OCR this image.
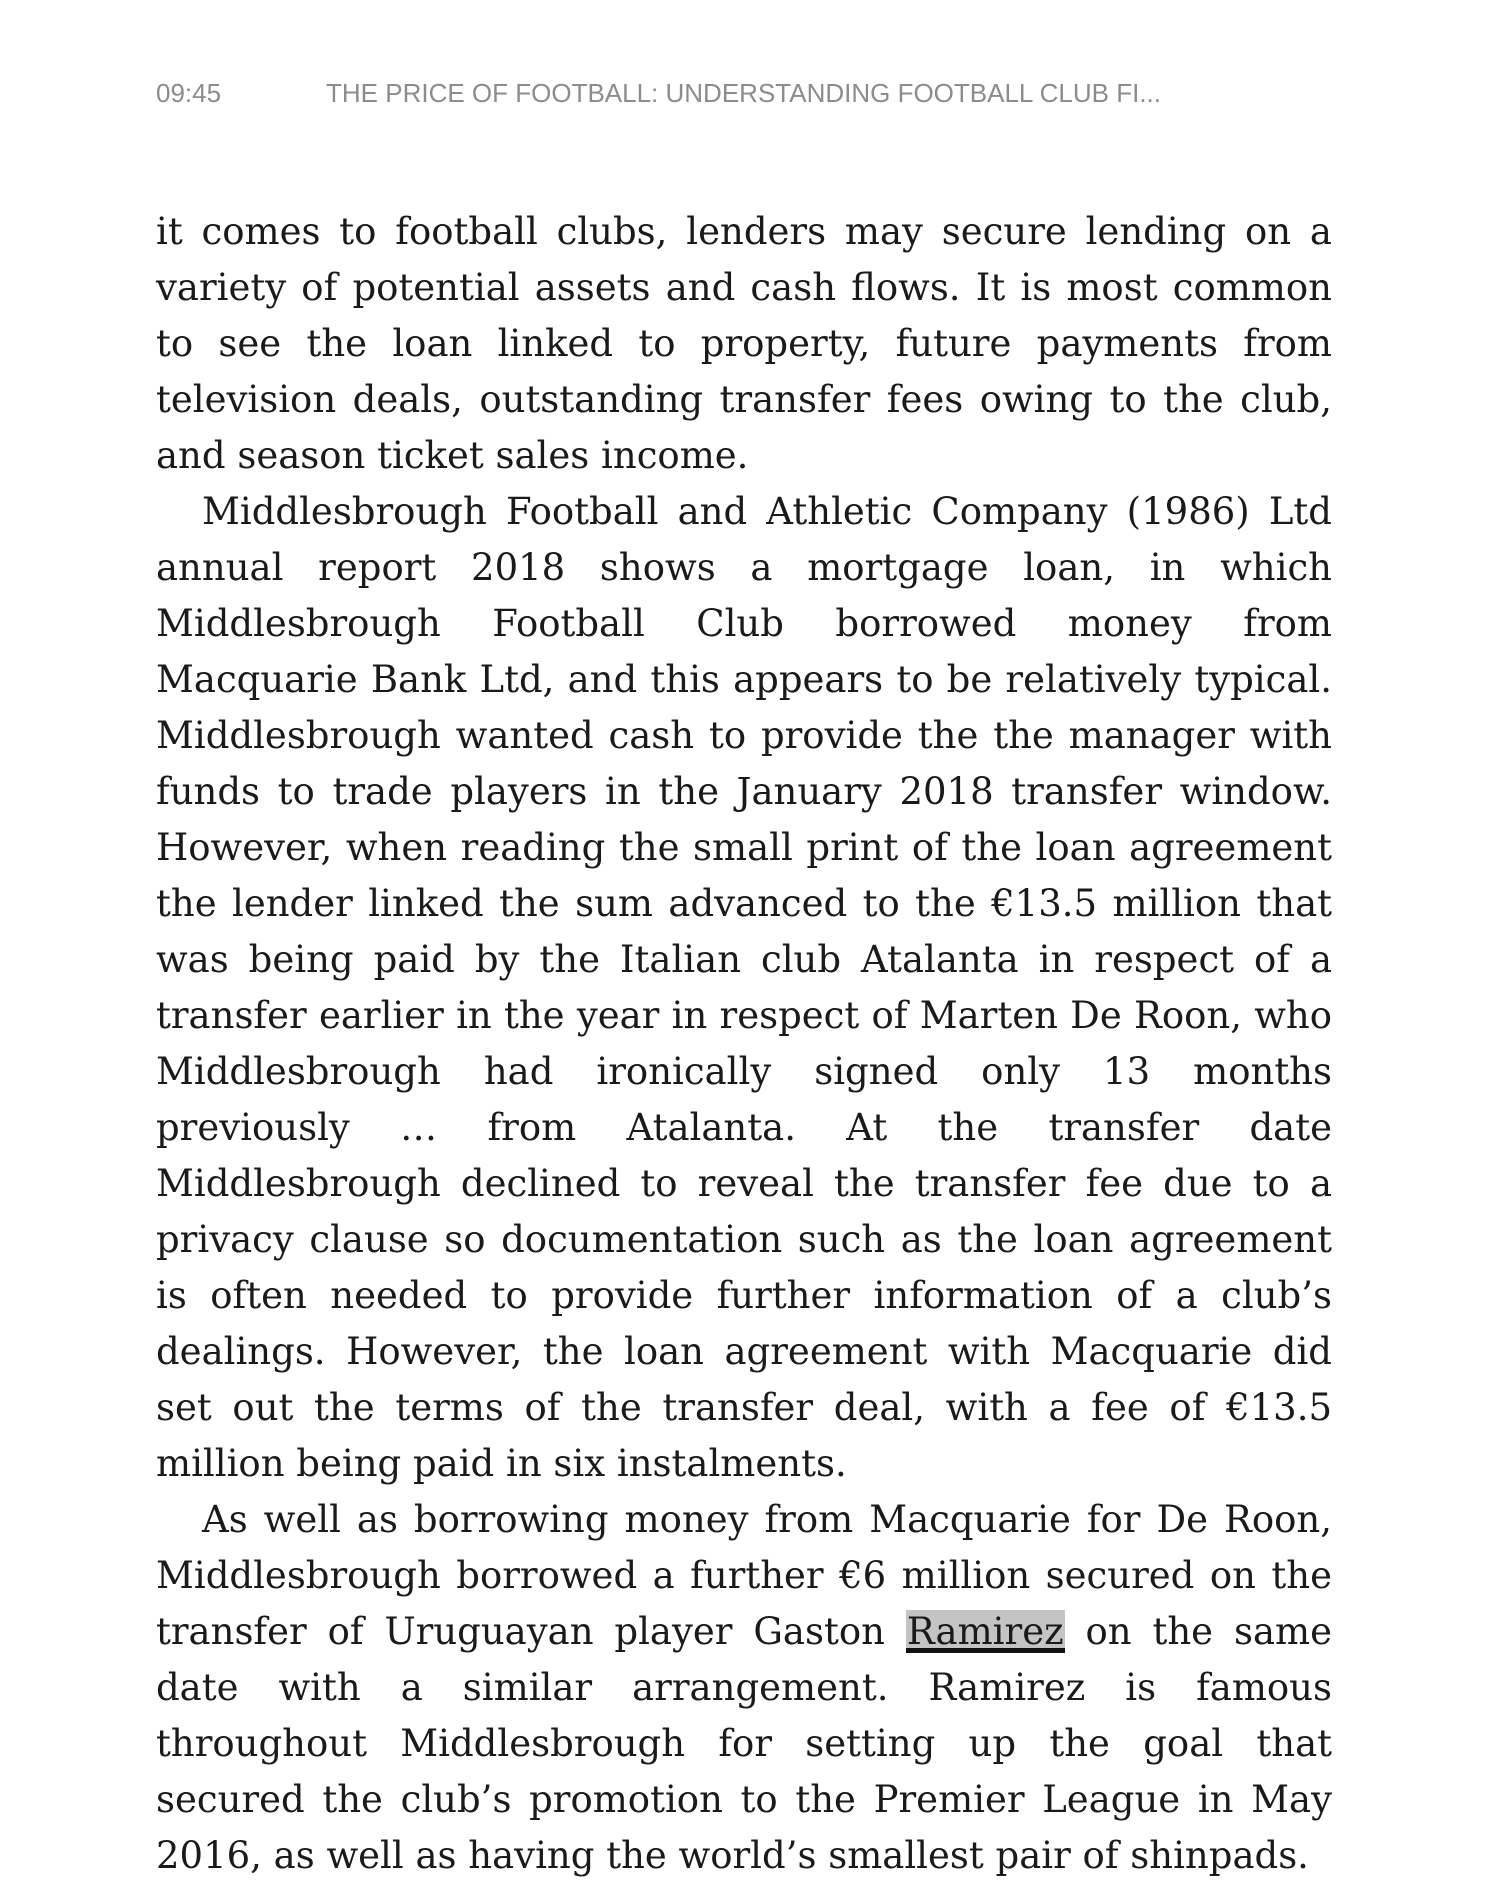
09:45	THE PRICE OF FOOTBALL: UNDERSTANDING FOOTBALL CLUB FI...

it comes to football clubs, lenders may secure lending on a variety of potential assets and cash flows. It is most common to see the loan linked to property, future payments from television deals, outstanding transfer fees owing to the club, and season ticket sales income.

Middlesbrough Football and Athletic Company (1986) Ltd annual report 2018 shows a mortgage loan, in which Middlesbrough Football Club borrowed money from Macquarie Bank Ltd, and this appears to be relatively typical. Middlesbrough wanted cash to provide the the manager with funds to trade players in the January 2018 transfer window. However, when reading the small print of the loan agreement the lender linked the sum advanced to the €13.5 million that was being paid by the Italian club Atalanta in respect of a transfer earlier in the year in respect of Marten De Roon, who Middlesbrough had ironically signed only 13 months previously … from Atalanta. At the transfer date Middlesbrough declined to reveal the transfer fee due to a privacy clause so documentation such as the loan agreement is often needed to provide further information of a club’s dealings. However, the loan agreement with Macquarie did set out the terms of the transfer deal, with a fee of €13.5 million being paid in six instalments.

As well as borrowing money from Macquarie for De Roon, Middlesbrough borrowed a further €6 million secured on the transfer of Uruguayan player Gaston Ramirez on the same date with a similar arrangement. Ramirez is famous throughout Middlesbrough for setting up the goal that secured the club’s promotion to the Premier League in May 2016, as well as having the world’s smallest pair of shinpads.
